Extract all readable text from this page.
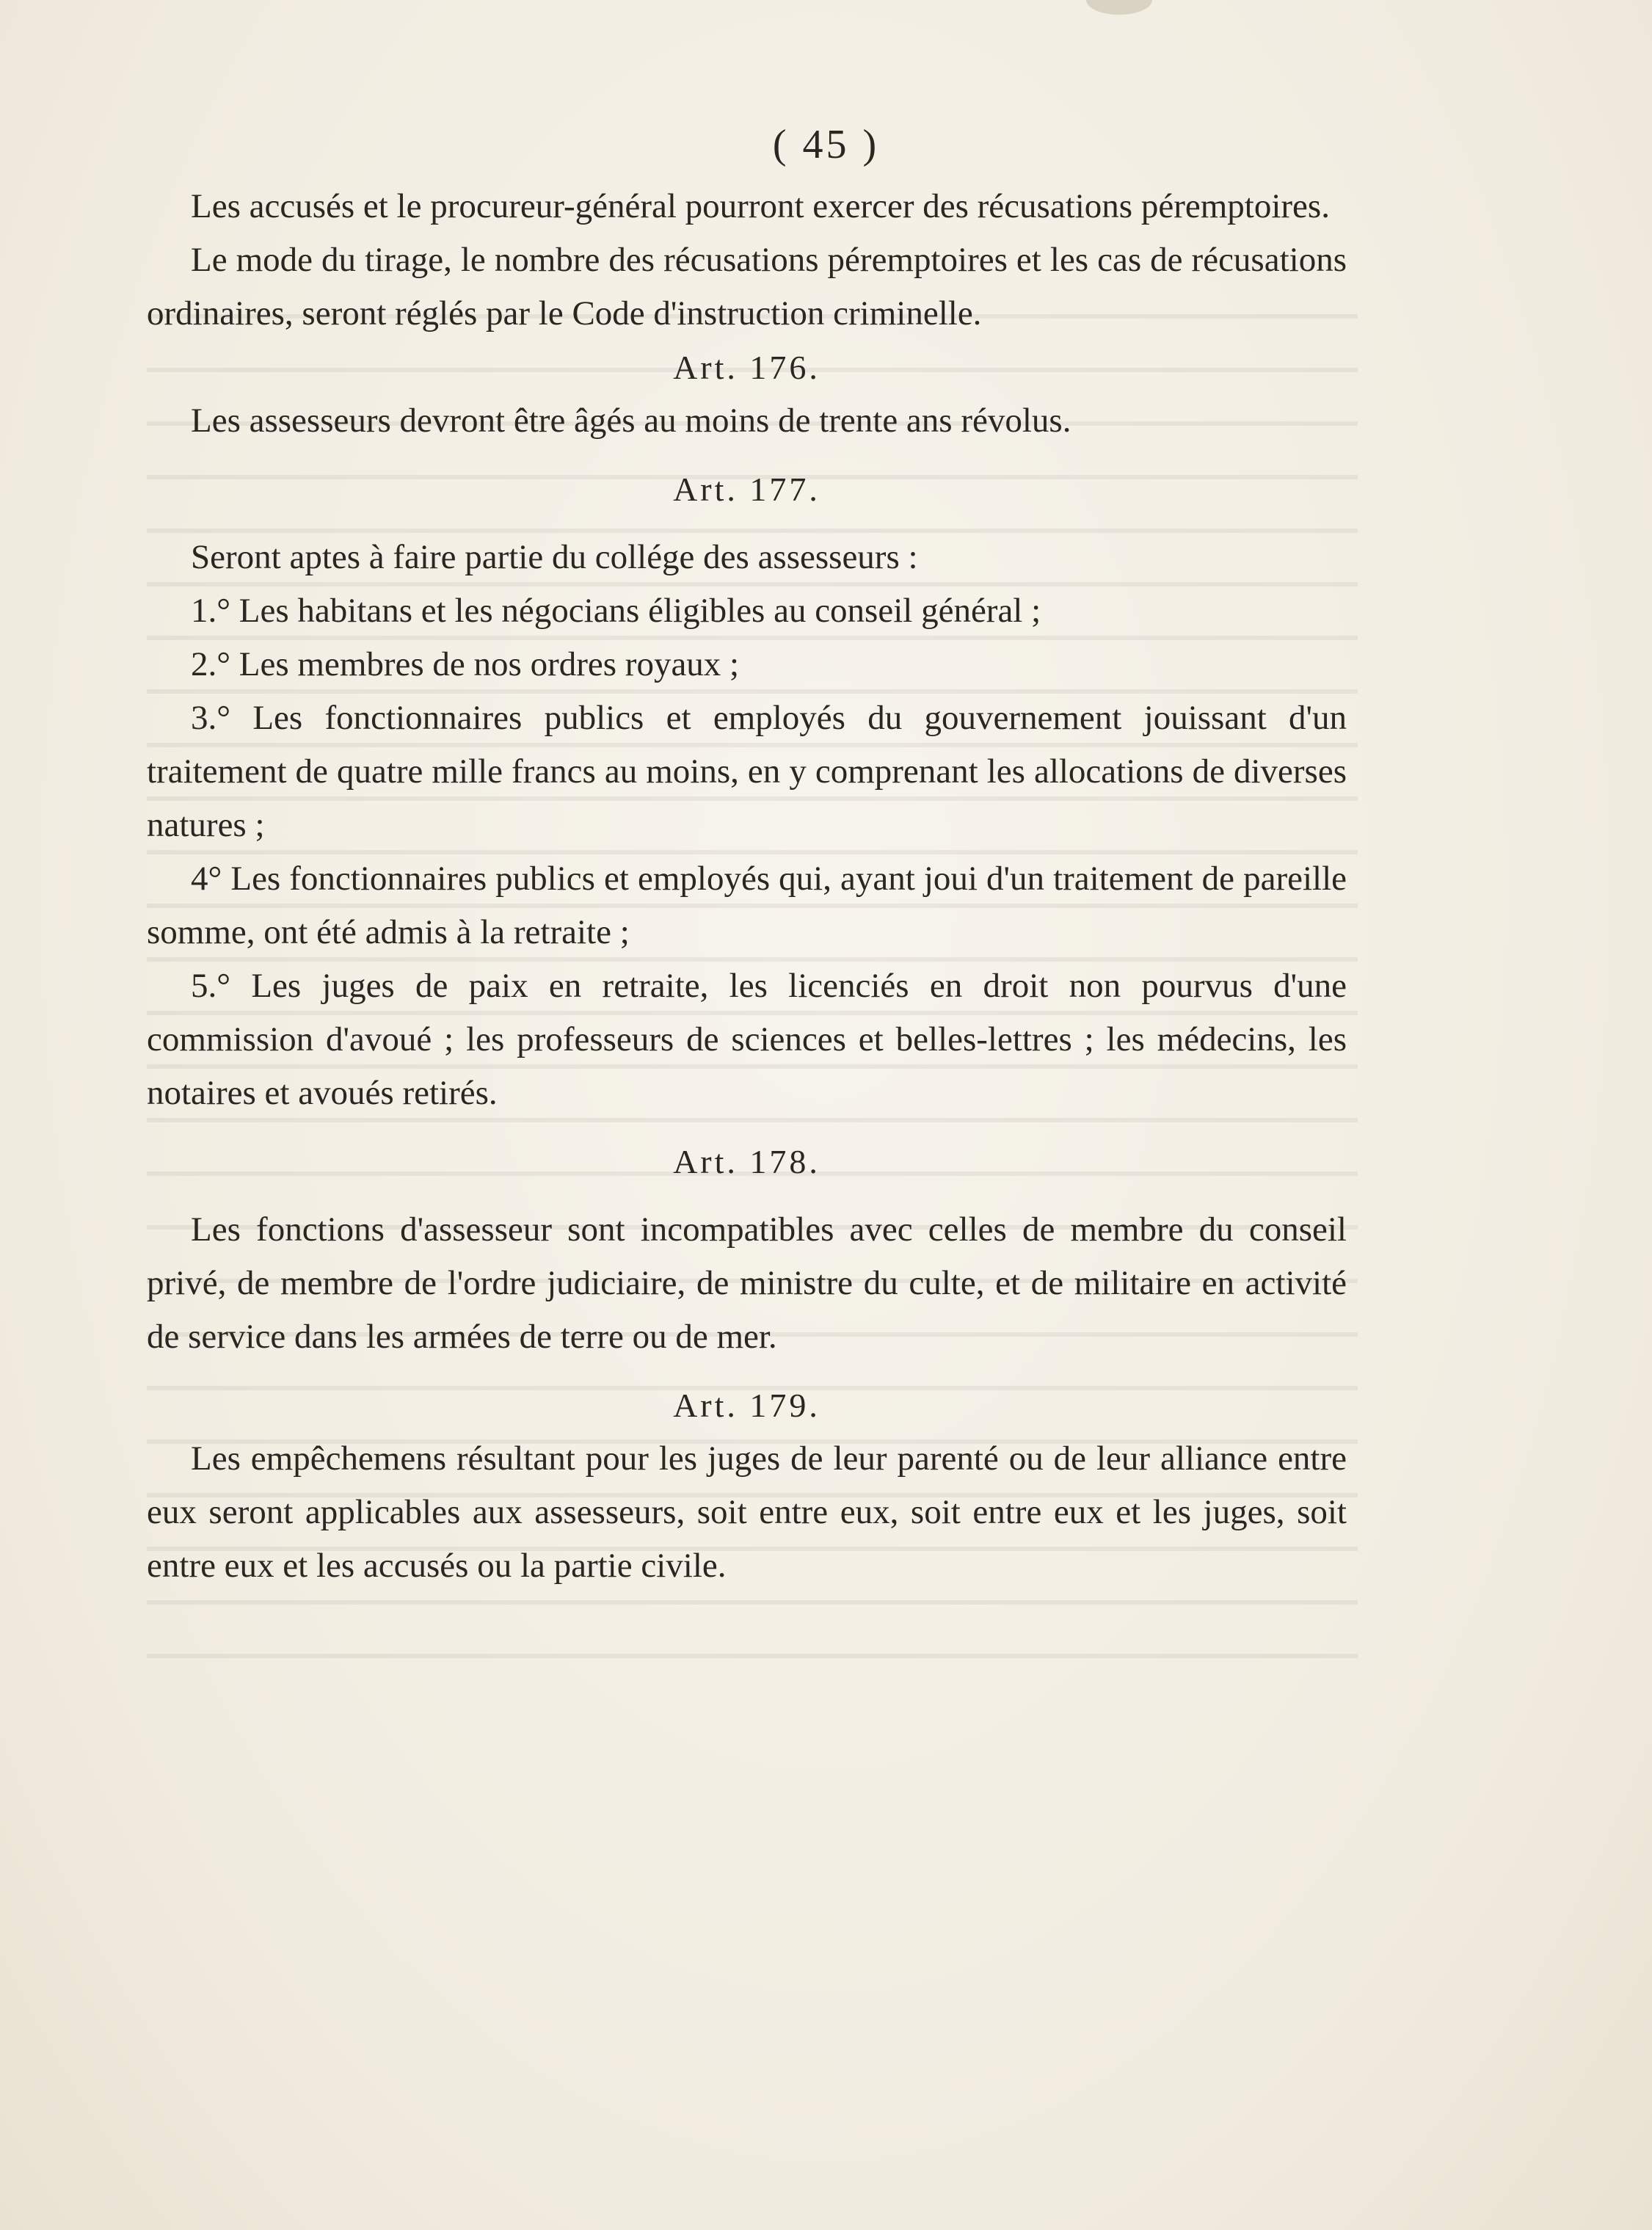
( 45 )

Les accusés et le procureur-général pourront exercer des récusations péremptoires.

Le mode du tirage, le nombre des récusations péremptoires et les cas de récusations ordinaires, seront réglés par le Code d'instruction criminelle.

Art. 176.

Les assesseurs devront être âgés au moins de trente ans révolus.

Art. 177.

Seront aptes à faire partie du collége des assesseurs :

1.° Les habitans et les négocians éligibles au conseil général ;

2.° Les membres de nos ordres royaux ;

3.° Les fonctionnaires publics et employés du gouvernement jouissant d'un traitement de quatre mille francs au moins, en y comprenant les allocations de diverses natures ;

4° Les fonctionnaires publics et employés qui, ayant joui d'un traitement de pareille somme, ont été admis à la retraite ;

5.° Les juges de paix en retraite, les licenciés en droit non pourvus d'une commission d'avoué ; les professeurs de sciences et belles-lettres ; les médecins, les notaires et avoués retirés.

Art. 178.

Les fonctions d'assesseur sont incompatibles avec celles de membre du conseil privé, de membre de l'ordre judiciaire, de ministre du culte, et de militaire en activité de service dans les armées de terre ou de mer.

Art. 179.

Les empêchemens résultant pour les juges de leur parenté ou de leur alliance entre eux seront applicables aux assesseurs, soit entre eux, soit entre eux et les juges, soit entre eux et les accusés ou la partie civile.
